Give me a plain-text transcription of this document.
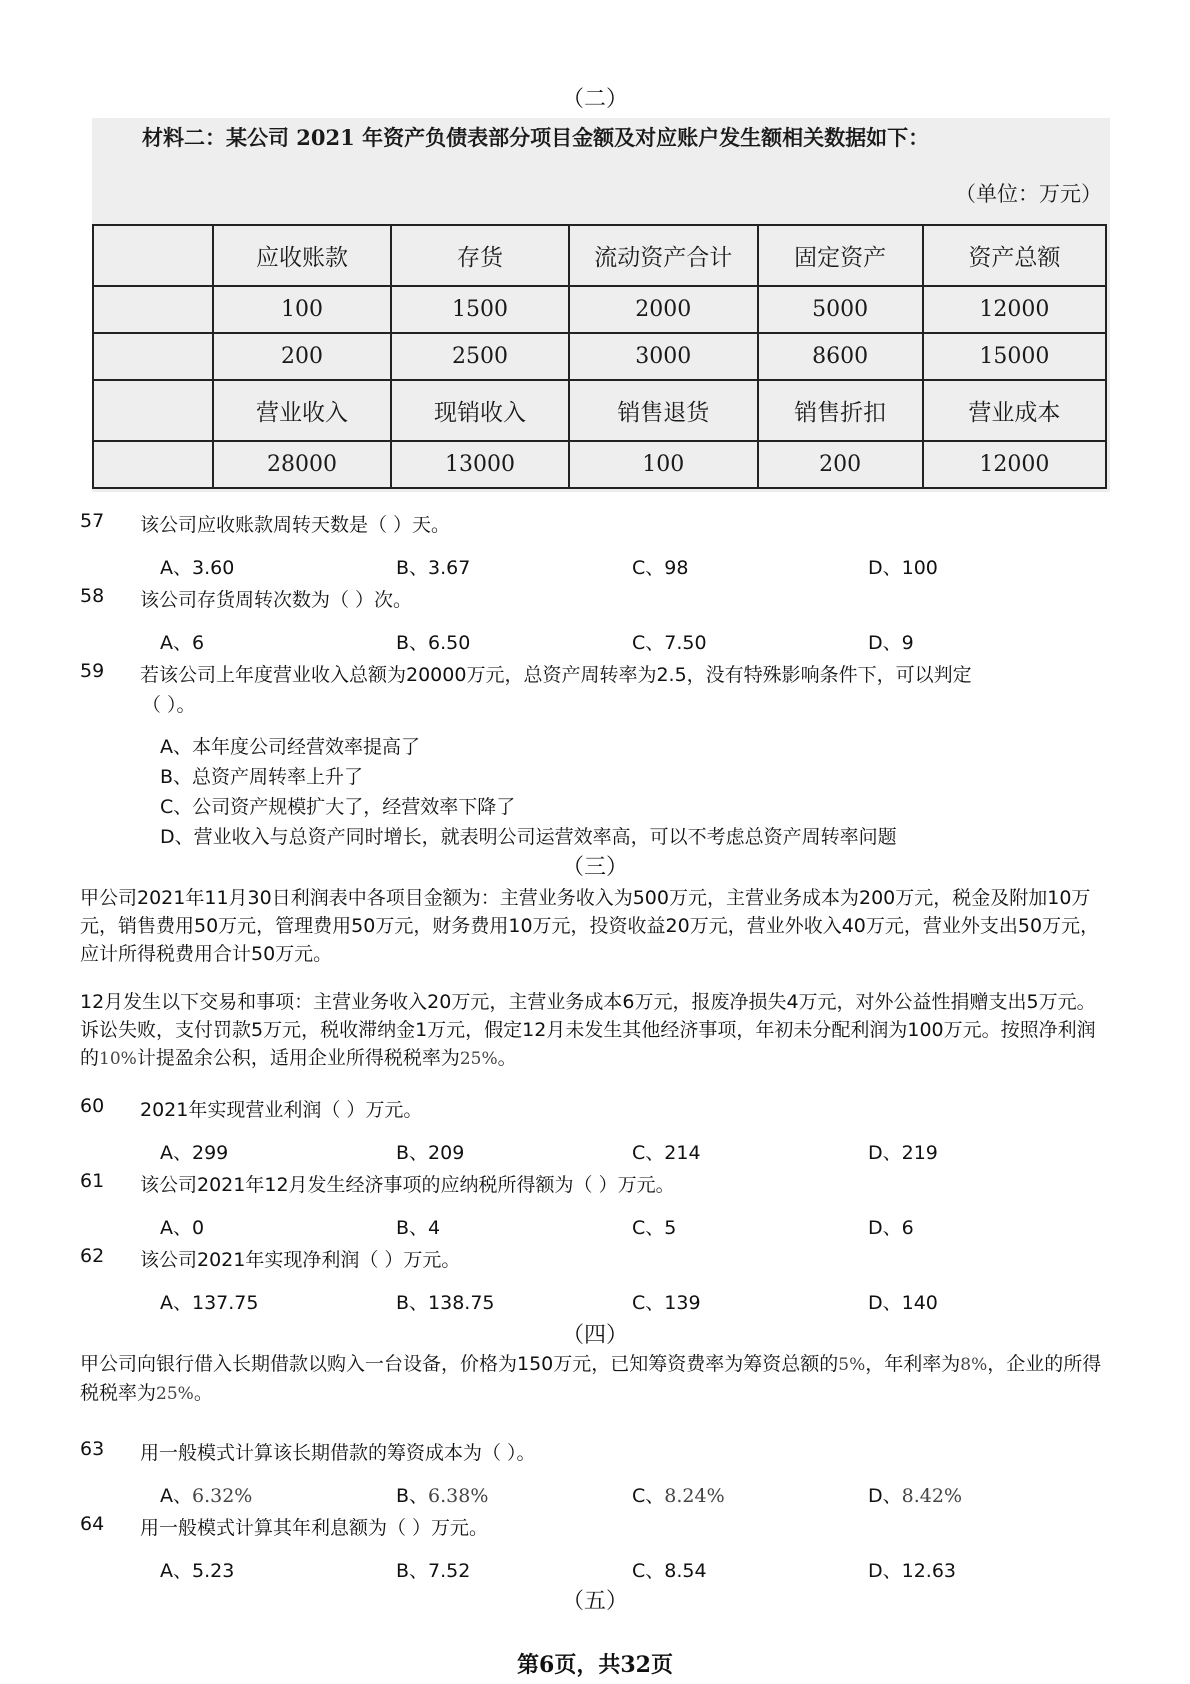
（二）
材料二：某公司 2021 年资产负债表部分项目金额及对应账户发生额相关数据如下：
（单位：万元）
	应收账款	存货	流动资产合计	固定资产	资产总额
	100	1500	2000	5000	12000
	200	2500	3000	8600	15000
	营业收入	现销收入	销售退货	销售折扣	营业成本
	28000	13000	100	200	12000
57 该公司应收账款周转天数是（ ）天。
A、3.60	B、3.67	C、98	D、100
58 该公司存货周转次数为（ ）次。
A、6	B、6.50	C、7.50	D、9
59 若该公司上年度营业收入总额为20000万元，总资产周转率为2.5，没有特殊影响条件下，可以判定
（ ）。
A、本年度公司经营效率提高了
B、总资产周转率上升了
C、公司资产规模扩大了，经营效率下降了
D、营业收入与总资产同时增长，就表明公司运营效率高，可以不考虑总资产周转率问题
（三）
甲公司2021年11月30日利润表中各项目金额为：主营业务收入为500万元，主营业务成本为200万元，税金及附加10万元，销售费用50万元，管理费用50万元，财务费用10万元，投资收益20万元，营业外收入40万元，营业外支出50万元，应计所得税费用合计50万元。
12月发生以下交易和事项：主营业务收入20万元，主营业务成本6万元，报废净损失4万元，对外公益性捐赠支出5万元。诉讼失败，支付罚款5万元，税收滞纳金1万元，假定12月未发生其他经济事项，年初未分配利润为100万元。按照净利润的10%计提盈余公积，适用企业所得税税率为25%。
60 2021年实现营业利润（ ）万元。
A、299	B、209	C、214	D、219
61 该公司2021年12月发生经济事项的应纳税所得额为（ ）万元。
A、0	B、4	C、5	D、6
62 该公司2021年实现净利润（ ）万元。
A、137.75	B、138.75	C、139	D、140
（四）
甲公司向银行借入长期借款以购入一台设备，价格为150万元，已知筹资费率为筹资总额的5%，年利率为8%，企业的所得税税率为25%。
63 用一般模式计算该长期借款的筹资成本为（ ）。
A、6.32%	B、6.38%	C、8.24%	D、8.42%
64 用一般模式计算其年利息额为（ ）万元。
A、5.23	B、7.52	C、8.54	D、12.63
（五）
第6页，共32页
